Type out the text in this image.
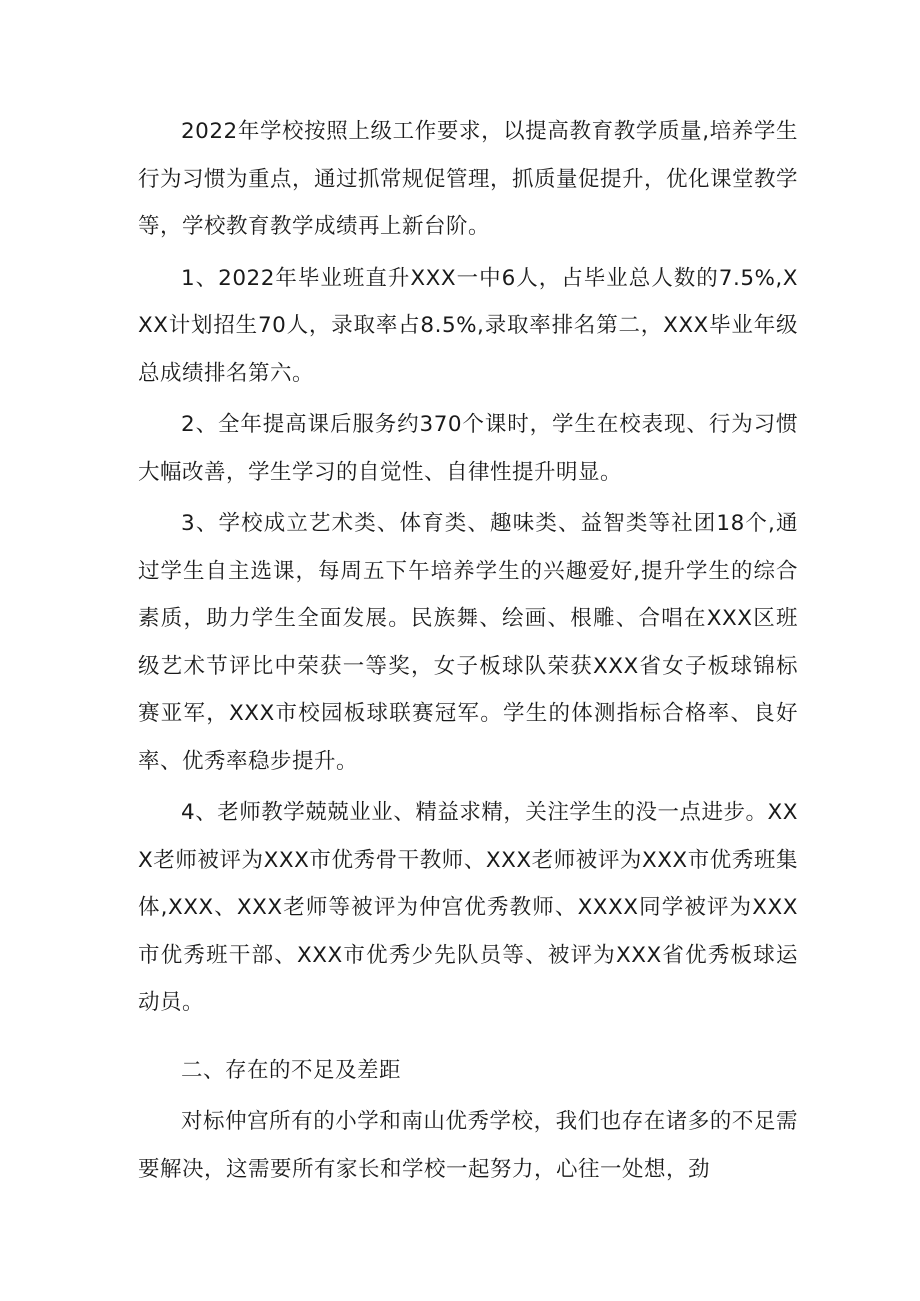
2022年学校按照上级工作要求，以提高教育教学质量,培养学生行为习惯为重点，通过抓常规促管理，抓质量促提升，优化课堂教学等，学校教育教学成绩再上新台阶。

1、2022年毕业班直升XXX一中6人，占毕业总人数的7.5%,XXX计划招生70人，录取率占8.5%,录取率排名第二，XXX毕业年级总成绩排名第六。

2、全年提高课后服务约370个课时，学生在校表现、行为习惯大幅改善，学生学习的自觉性、自律性提升明显。

3、学校成立艺术类、体育类、趣味类、益智类等社团18个,通过学生自主选课，每周五下午培养学生的兴趣爱好,提升学生的综合素质，助力学生全面发展。民族舞、绘画、根雕、合唱在XXX区班级艺术节评比中荣获一等奖，女子板球队荣获XXX省女子板球锦标赛亚军，XXX市校园板球联赛冠军。学生的体测指标合格率、良好率、优秀率稳步提升。

4、老师教学兢兢业业、精益求精，关注学生的没一点进步。XXX老师被评为XXX市优秀骨干教师、XXX老师被评为XXX市优秀班集体,XXX、XXX老师等被评为仲宫优秀教师、XXXX同学被评为XXX市优秀班干部、XXX市优秀少先队员等、被评为XXX省优秀板球运动员。

二、存在的不足及差距

对标仲宫所有的小学和南山优秀学校，我们也存在诸多的不足需要解决，这需要所有家长和学校一起努力，心往一处想，劲
